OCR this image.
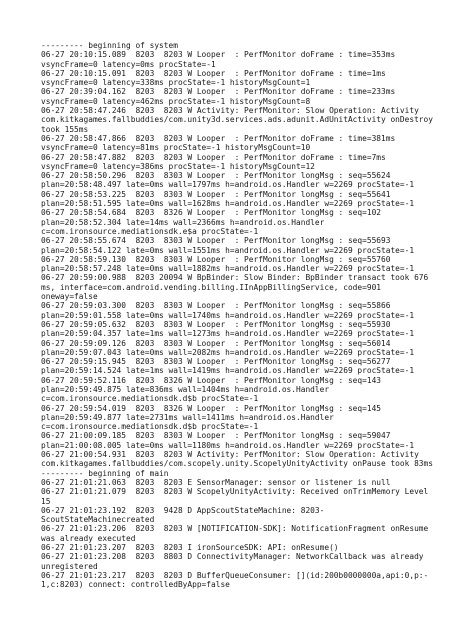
--------- beginning of system
06-27 20:10:15.089  8203  8203 W Looper  : PerfMonitor doFrame : time=353ms
vsyncFrame=0 latency=0ms procState=-1
06-27 20:10:15.091  8203  8203 W Looper  : PerfMonitor doFrame : time=1ms
vsyncFrame=0 latency=338ms procState=-1 historyMsgCount=1
06-27 20:39:04.162  8203  8203 W Looper  : PerfMonitor doFrame : time=233ms
vsyncFrame=0 latency=462ms procState=-1 historyMsgCount=8
06-27 20:58:47.246  8203  8203 W Activity: PerfMonitor: Slow Operation: Activity
com.kitkagames.fallbuddies/com.unity3d.services.ads.adunit.AdUnitActivity onDestroy
took 155ms
06-27 20:58:47.866  8203  8203 W Looper  : PerfMonitor doFrame : time=381ms
vsyncFrame=0 latency=81ms procState=-1 historyMsgCount=10
06-27 20:58:47.882  8203  8203 W Looper  : PerfMonitor doFrame : time=7ms
vsyncFrame=0 latency=386ms procState=-1 historyMsgCount=12
06-27 20:58:50.296  8203  8303 W Looper  : PerfMonitor longMsg : seq=55624
plan=20:58:48.497 late=0ms wall=1797ms h=android.os.Handler w=2269 procState=-1
06-27 20:58:53.225  8203  8303 W Looper  : PerfMonitor longMsg : seq=55641
plan=20:58:51.595 late=0ms wall=1628ms h=android.os.Handler w=2269 procState=-1
06-27 20:58:54.684  8203  8326 W Looper  : PerfMonitor longMsg : seq=102
plan=20:58:52.304 late=14ms wall=2366ms h=android.os.Handler
c=com.ironsource.mediationsdk.e$a procState=-1
06-27 20:58:55.674  8203  8303 W Looper  : PerfMonitor longMsg : seq=55693
plan=20:58:54.122 late=0ms wall=1551ms h=android.os.Handler w=2269 procState=-1
06-27 20:58:59.130  8203  8303 W Looper  : PerfMonitor longMsg : seq=55760
plan=20:58:57.248 late=0ms wall=1882ms h=android.os.Handler w=2269 procState=-1
06-27 20:59:00.988  8203 20094 W BpBinder: Slow Binder: BpBinder transact took 676
ms, interface=com.android.vending.billing.IInAppBillingService, code=901
oneway=false
06-27 20:59:03.300  8203  8303 W Looper  : PerfMonitor longMsg : seq=55866
plan=20:59:01.558 late=0ms wall=1740ms h=android.os.Handler w=2269 procState=-1
06-27 20:59:05.632  8203  8303 W Looper  : PerfMonitor longMsg : seq=55930
plan=20:59:04.357 late=1ms wall=1273ms h=android.os.Handler w=2269 procState=-1
06-27 20:59:09.126  8203  8303 W Looper  : PerfMonitor longMsg : seq=56014
plan=20:59:07.043 late=0ms wall=2082ms h=android.os.Handler w=2269 procState=-1
06-27 20:59:15.945  8203  8303 W Looper  : PerfMonitor longMsg : seq=56277
plan=20:59:14.524 late=1ms wall=1419ms h=android.os.Handler w=2269 procState=-1
06-27 20:59:52.116  8203  8326 W Looper  : PerfMonitor longMsg : seq=143
plan=20:59:49.875 late=836ms wall=1404ms h=android.os.Handler
c=com.ironsource.mediationsdk.d$b procState=-1
06-27 20:59:54.019  8203  8326 W Looper  : PerfMonitor longMsg : seq=145
plan=20:59:49.877 late=2731ms wall=1411ms h=android.os.Handler
c=com.ironsource.mediationsdk.d$b procState=-1
06-27 21:00:09.185  8203  8303 W Looper  : PerfMonitor longMsg : seq=59047
plan=21:00:08.005 late=0ms wall=1180ms h=android.os.Handler w=2269 procState=-1
06-27 21:00:54.931  8203  8203 W Activity: PerfMonitor: Slow Operation: Activity
com.kitkagames.fallbuddies/com.scopely.unity.ScopelyUnityActivity onPause took 83ms
--------- beginning of main
06-27 21:01:21.063  8203  8203 E SensorManager: sensor or listener is null
06-27 21:01:21.079  8203  8203 W ScopelyUnityActivity: Received onTrimMemory Level
15
06-27 21:01:23.192  8203  9428 D AppScoutStateMachine: 8203-
ScoutStateMachinecreated
06-27 21:01:23.206  8203  8203 W [NOTIFICATION-SDK]: NotificationFragment onResume
was already executed
06-27 21:01:23.207  8203  8203 I ironSourceSDK: API: onResume()
06-27 21:01:23.208  8203  8803 D ConnectivityManager: NetworkCallback was already
unregistered
06-27 21:01:23.217  8203  8203 D BufferQueueConsumer: [](id:200b0000000a,api:0,p:-
1,c:8203) connect: controlledByApp=false
